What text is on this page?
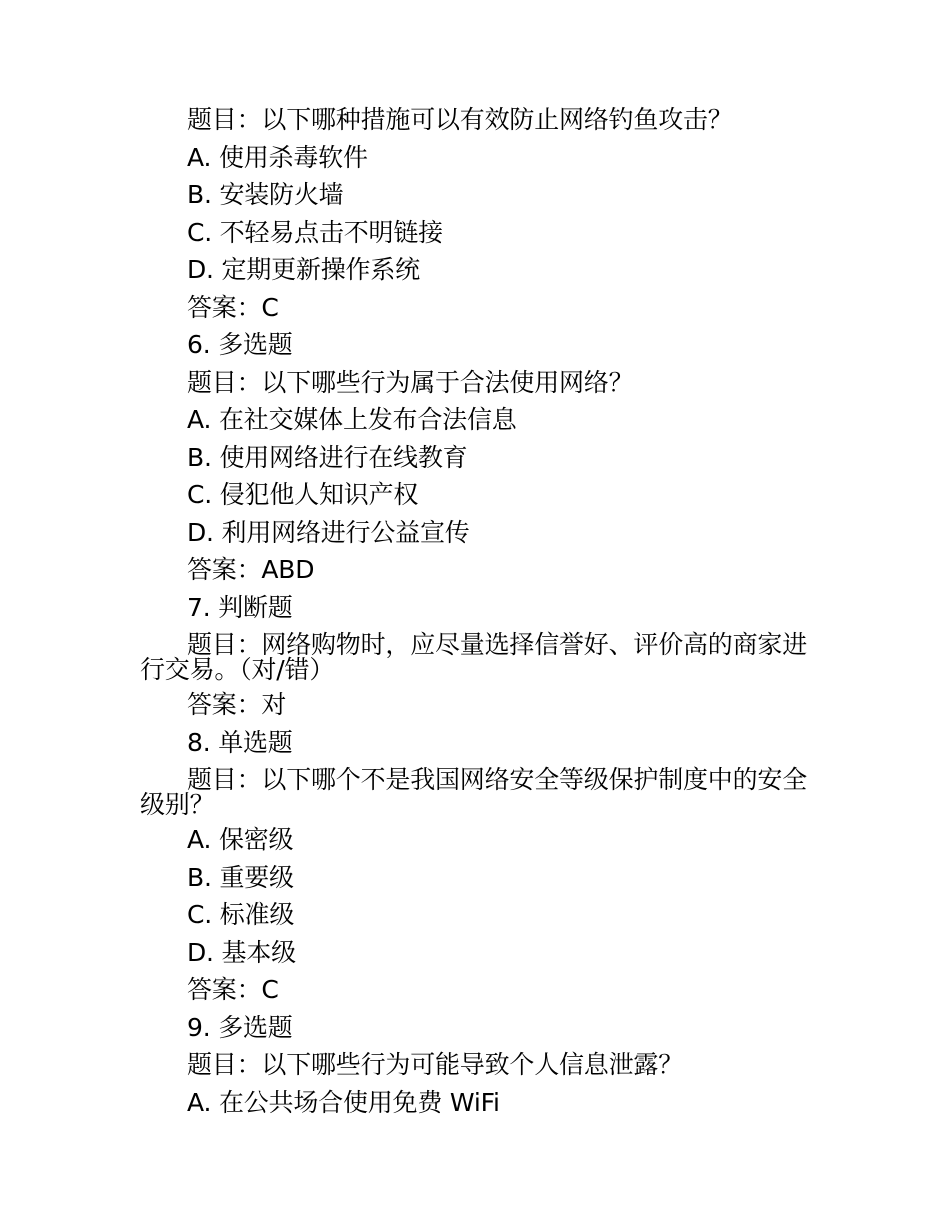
题目：以下哪种措施可以有效防止网络钓鱼攻击？
A. 使用杀毒软件
B. 安装防火墙
C. 不轻易点击不明链接
D. 定期更新操作系统
答案：C
6. 多选题
题目：以下哪些行为属于合法使用网络？
A. 在社交媒体上发布合法信息
B. 使用网络进行在线教育
C. 侵犯他人知识产权
D. 利用网络进行公益宣传
答案：ABD
7. 判断题
题目：网络购物时，应尽量选择信誉好、评价高的商家进行交易。（对/错）
答案：对
8. 单选题
题目：以下哪个不是我国网络安全等级保护制度中的安全级别？
A. 保密级
B. 重要级
C. 标准级
D. 基本级
答案：C
9. 多选题
题目：以下哪些行为可能导致个人信息泄露？
A. 在公共场合使用免费 WiFi
